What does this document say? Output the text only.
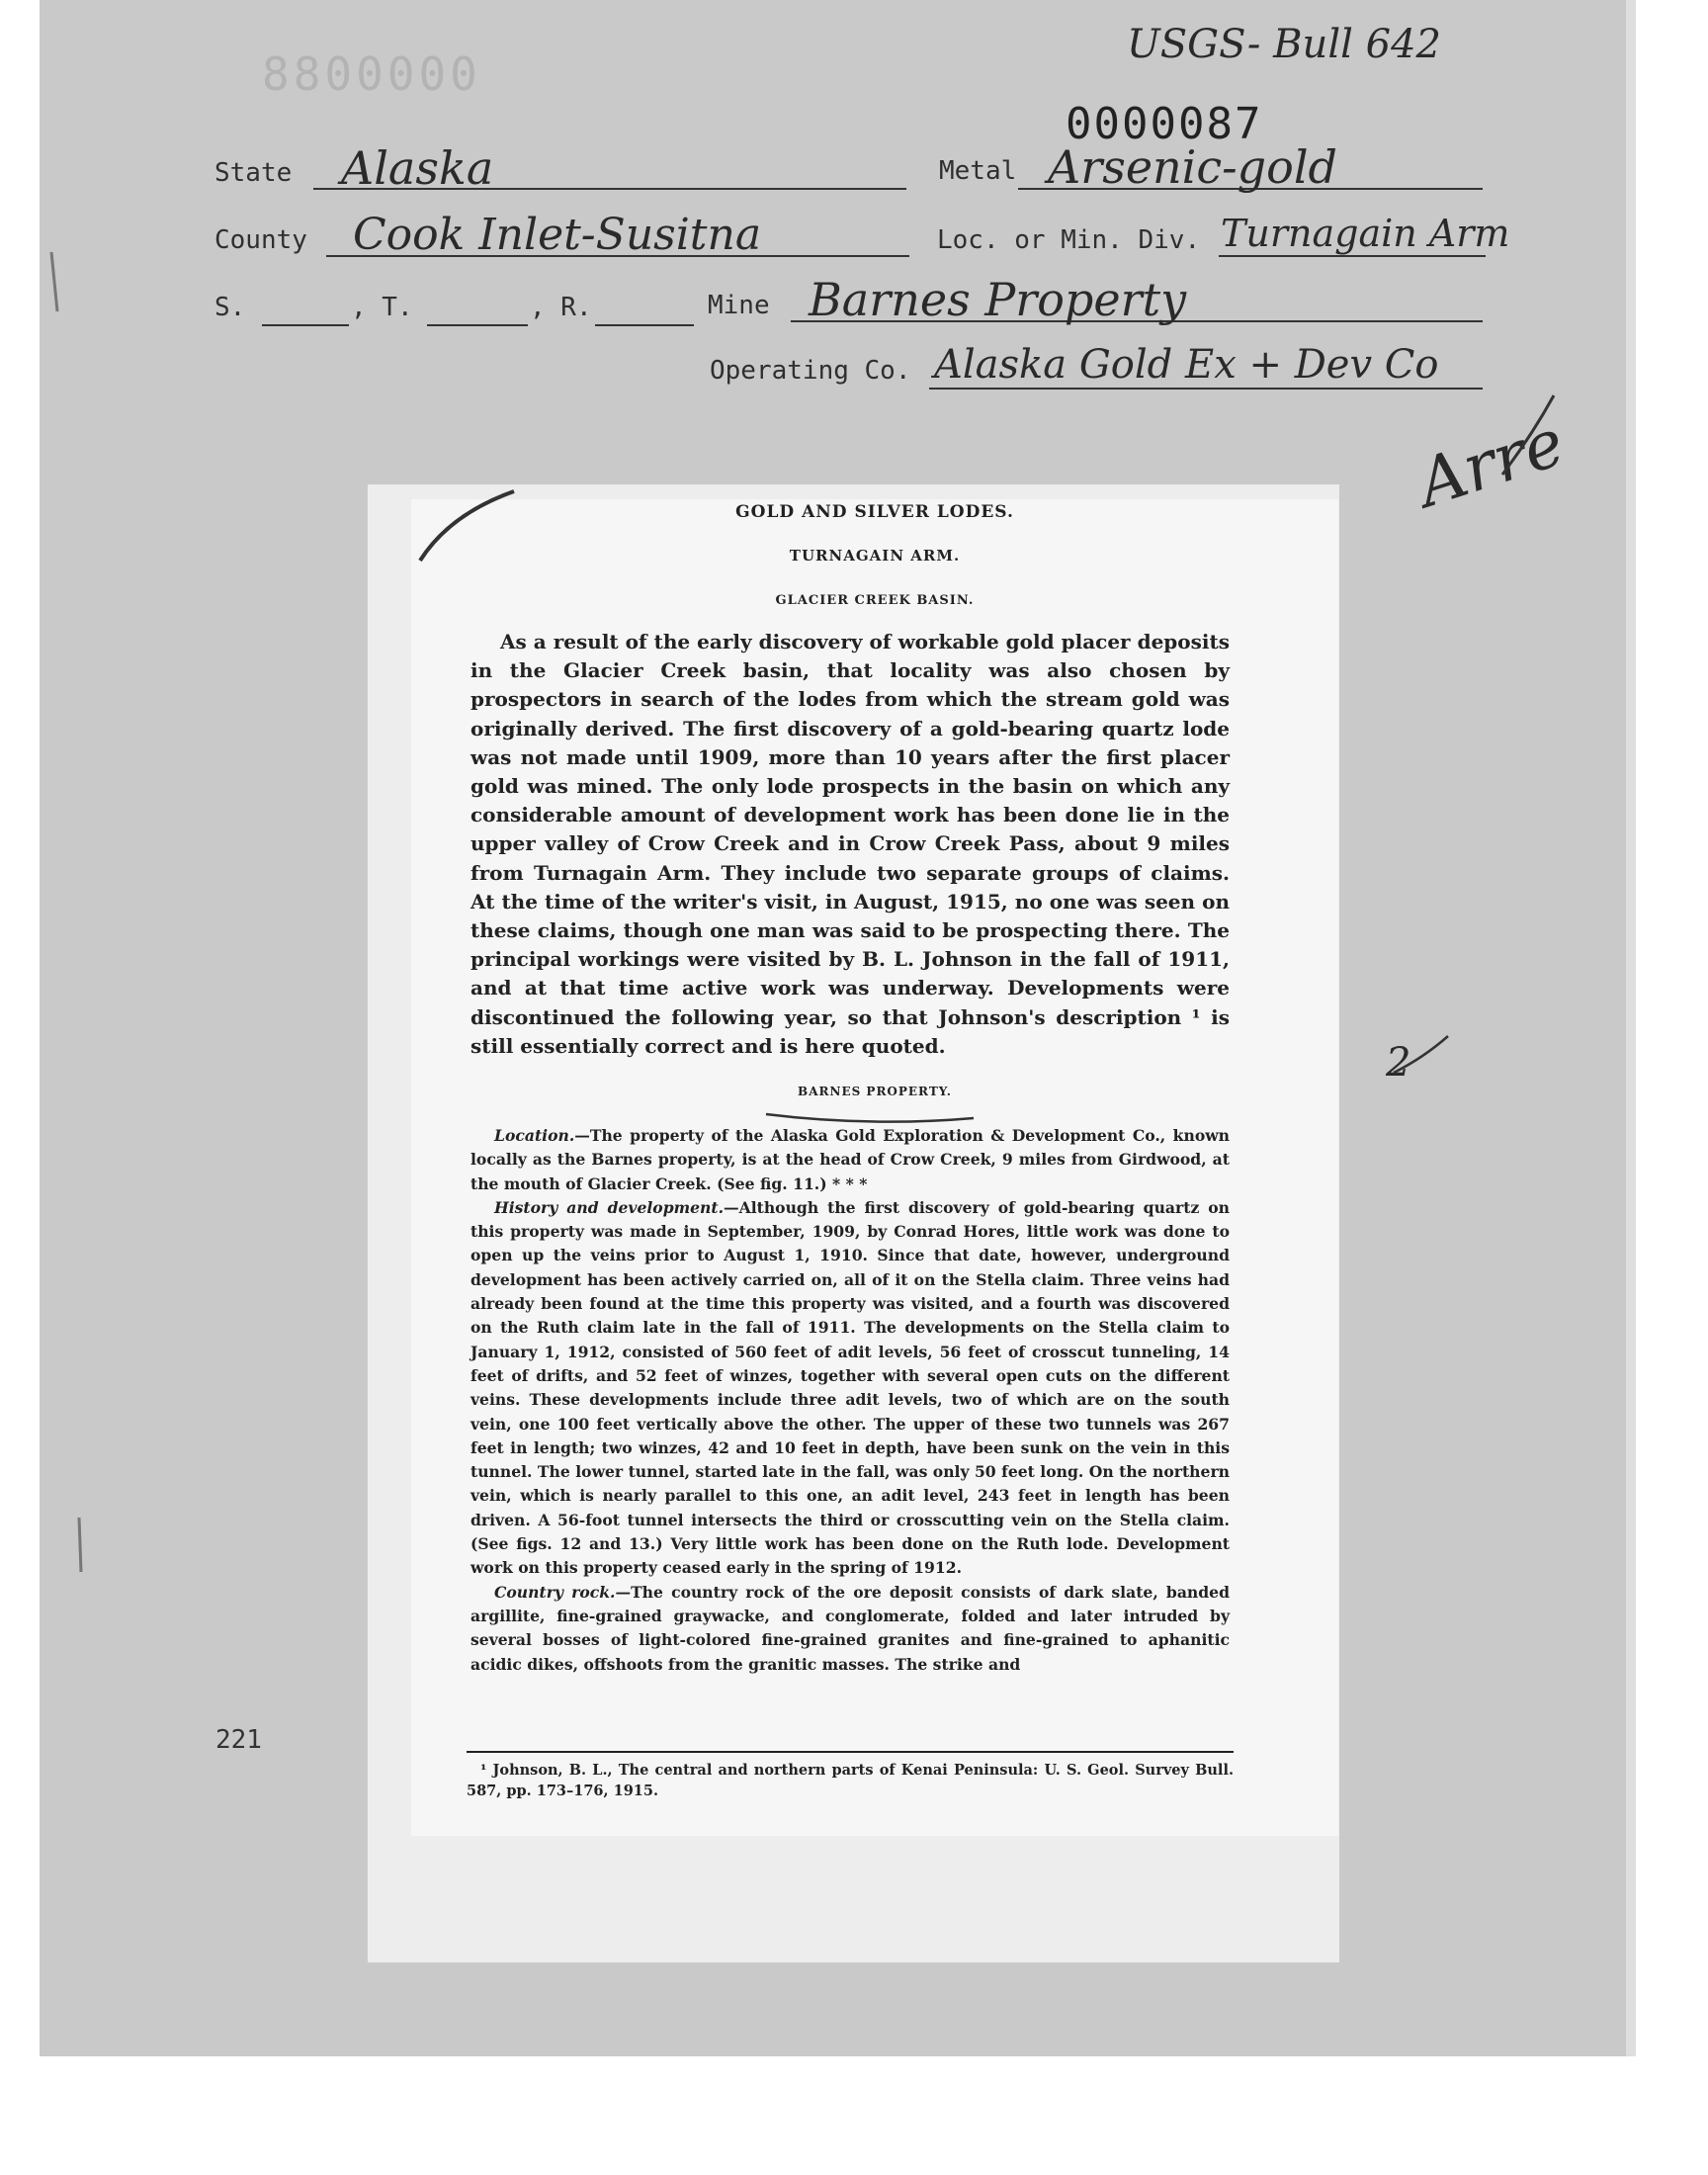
8800000
USGS- Bull 642
0000087
State Alaska	Metal Arsenic-gold
County Cook Inlet-Susitna	Loc. or Min. Div. Turnagain Arm
S.	, T.	, R.	Mine Barnes Property
Operating Co. Alaska Gold Ex + Dev Co
Arre
2
221
GOLD AND SILVER LODES.
TURNAGAIN ARM.
GLACIER CREEK BASIN.

As a result of the early discovery of workable gold placer deposits in the Glacier Creek basin, that locality was also chosen by prospectors in search of the lodes from which the stream gold was originally derived. The first discovery of a gold-bearing quartz lode was not made until 1909, more than 10 years after the first placer gold was mined. The only lode prospects in the basin on which any considerable amount of development work has been done lie in the upper valley of Crow Creek and in Crow Creek Pass, about 9 miles from Turnagain Arm. They include two separate groups of claims. At the time of the writer's visit, in August, 1915, no one was seen on these claims, though one man was said to be prospecting there. The principal workings were visited by B. L. Johnson in the fall of 1911, and at that time active work was underway. Developments were discontinued the following year, so that Johnson's description ¹ is still essentially correct and is here quoted.

BARNES PROPERTY.

Location.—The property of the Alaska Gold Exploration & Development Co., known locally as the Barnes property, is at the head of Crow Creek, 9 miles from Girdwood, at the mouth of Glacier Creek. (See fig. 11.) * * *

History and development.—Although the first discovery of gold-bearing quartz on this property was made in September, 1909, by Conrad Hores, little work was done to open up the veins prior to August 1, 1910. Since that date, however, underground development has been actively carried on, all of it on the Stella claim. Three veins had already been found at the time this property was visited, and a fourth was discovered on the Ruth claim late in the fall of 1911. The developments on the Stella claim to January 1, 1912, consisted of 560 feet of adit levels, 56 feet of crosscut tunneling, 14 feet of drifts, and 52 feet of winzes, together with several open cuts on the different veins. These developments include three adit levels, two of which are on the south vein, one 100 feet vertically above the other. The upper of these two tunnels was 267 feet in length; two winzes, 42 and 10 feet in depth, have been sunk on the vein in this tunnel. The lower tunnel, started late in the fall, was only 50 feet long. On the northern vein, which is nearly parallel to this one, an adit level, 243 feet in length has been driven. A 56-foot tunnel intersects the third or crosscutting vein on the Stella claim. (See figs. 12 and 13.) Very little work has been done on the Ruth lode. Development work on this property ceased early in the spring of 1912.

Country rock.—The country rock of the ore deposit consists of dark slate, banded argillite, fine-grained graywacke, and conglomerate, folded and later intruded by several bosses of light-colored fine-grained granites and fine-grained to aphanitic acidic dikes, offshoots from the granitic masses. The strike and

¹ Johnson, B. L., The central and northern parts of Kenai Peninsula: U. S. Geol. Survey Bull. 587, pp. 173–176, 1915.
